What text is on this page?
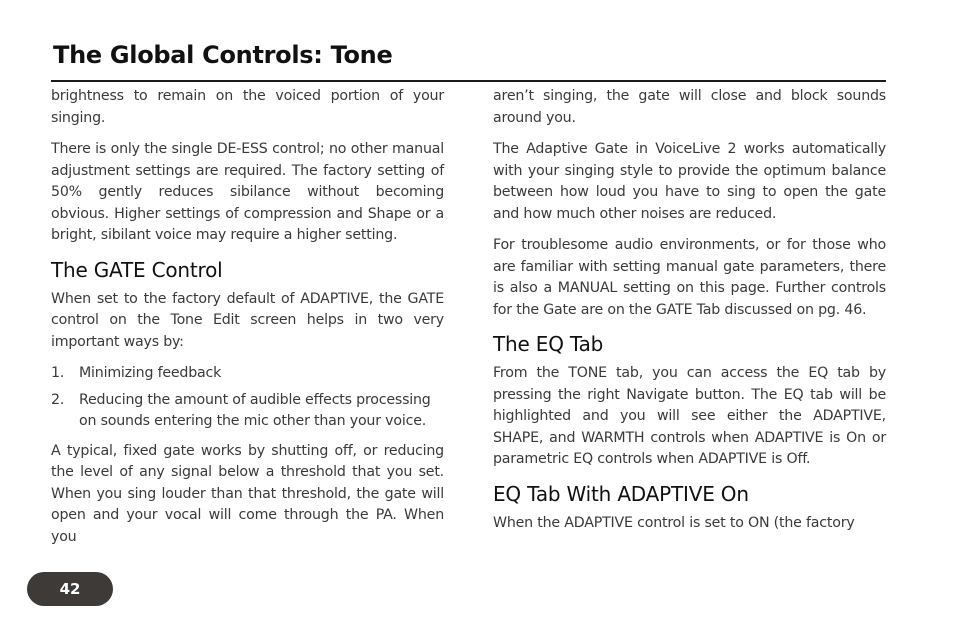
The Global Controls: Tone

brightness to remain on the voiced portion of your singing.

There is only the single DE-ESS control; no other manual adjustment settings are required. The factory setting of 50% gently reduces sibilance without becoming obvious. Higher settings of compression and Shape or a bright, sibilant voice may require a higher setting.

The GATE Control

When set to the factory default of ADAPTIVE, the GATE control on the Tone Edit screen helps in two very important ways by:

1. Minimizing feedback
2. Reducing the amount of audible effects processing on sounds entering the mic other than your voice.

A typical, fixed gate works by shutting off, or reducing the level of any signal below a threshold that you set. When you sing louder than that threshold, the gate will open and your vocal will come through the PA. When you

aren’t singing, the gate will close and block sounds around you.

The Adaptive Gate in VoiceLive 2 works automatically with your singing style to provide the optimum balance between how loud you have to sing to open the gate and how much other noises are reduced.

For troublesome audio environments, or for those who are familiar with setting manual gate parameters, there is also a MANUAL setting on this page. Further controls for the Gate are on the GATE Tab discussed on pg. 46.

The EQ Tab

From the TONE tab, you can access the EQ tab by pressing the right Navigate button. The EQ tab will be highlighted and you will see either the ADAPTIVE, SHAPE, and WARMTH controls when ADAPTIVE is On or parametric EQ controls when ADAPTIVE is Off.

EQ Tab With ADAPTIVE On

When the ADAPTIVE control is set to ON (the factory

42
